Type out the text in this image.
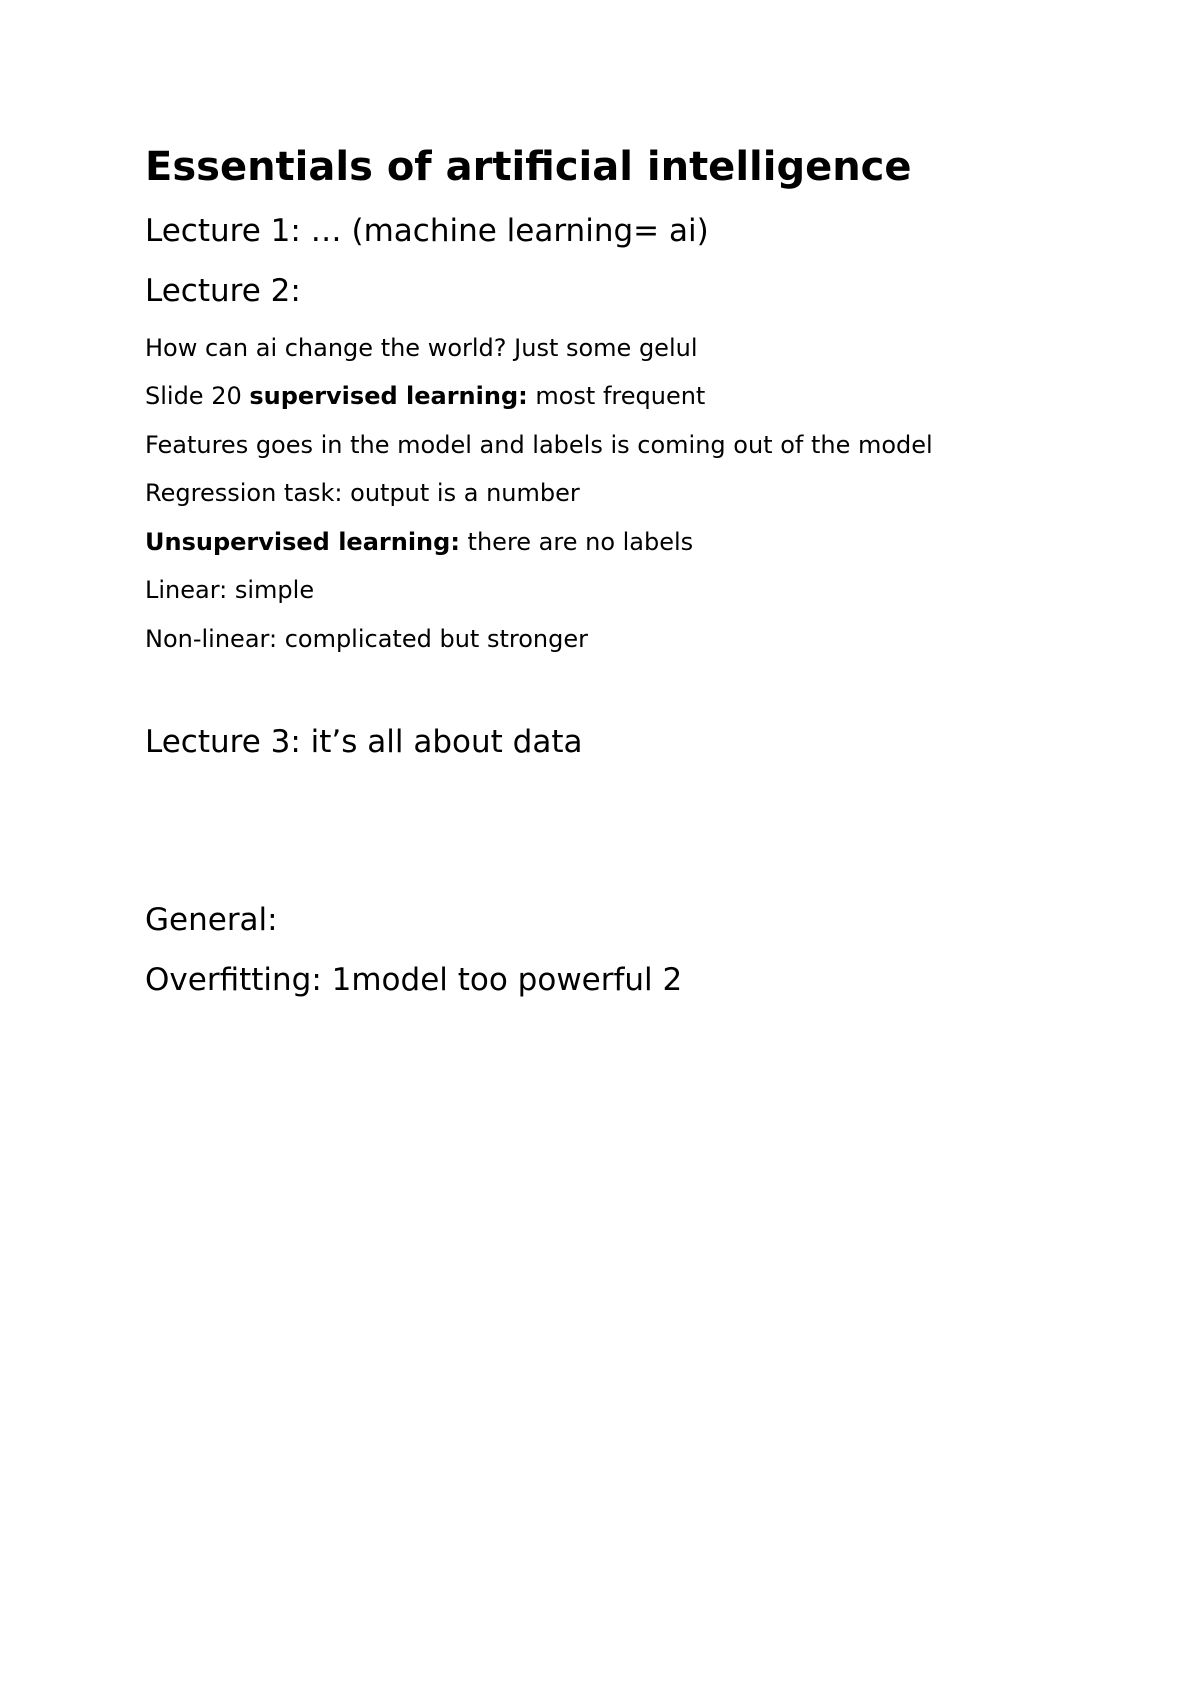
Essentials of artificial intelligence
Lecture 1: … (machine learning= ai)
Lecture 2:
How can ai change the world? Just some gelul
Slide 20 supervised learning: most frequent
Features goes in the model and labels is coming out of the model
Regression task: output is a number
Unsupervised learning: there are no labels
Linear: simple
Non-linear: complicated but stronger
Lecture 3: it’s all about data
General:
Overfitting: 1model too powerful 2
